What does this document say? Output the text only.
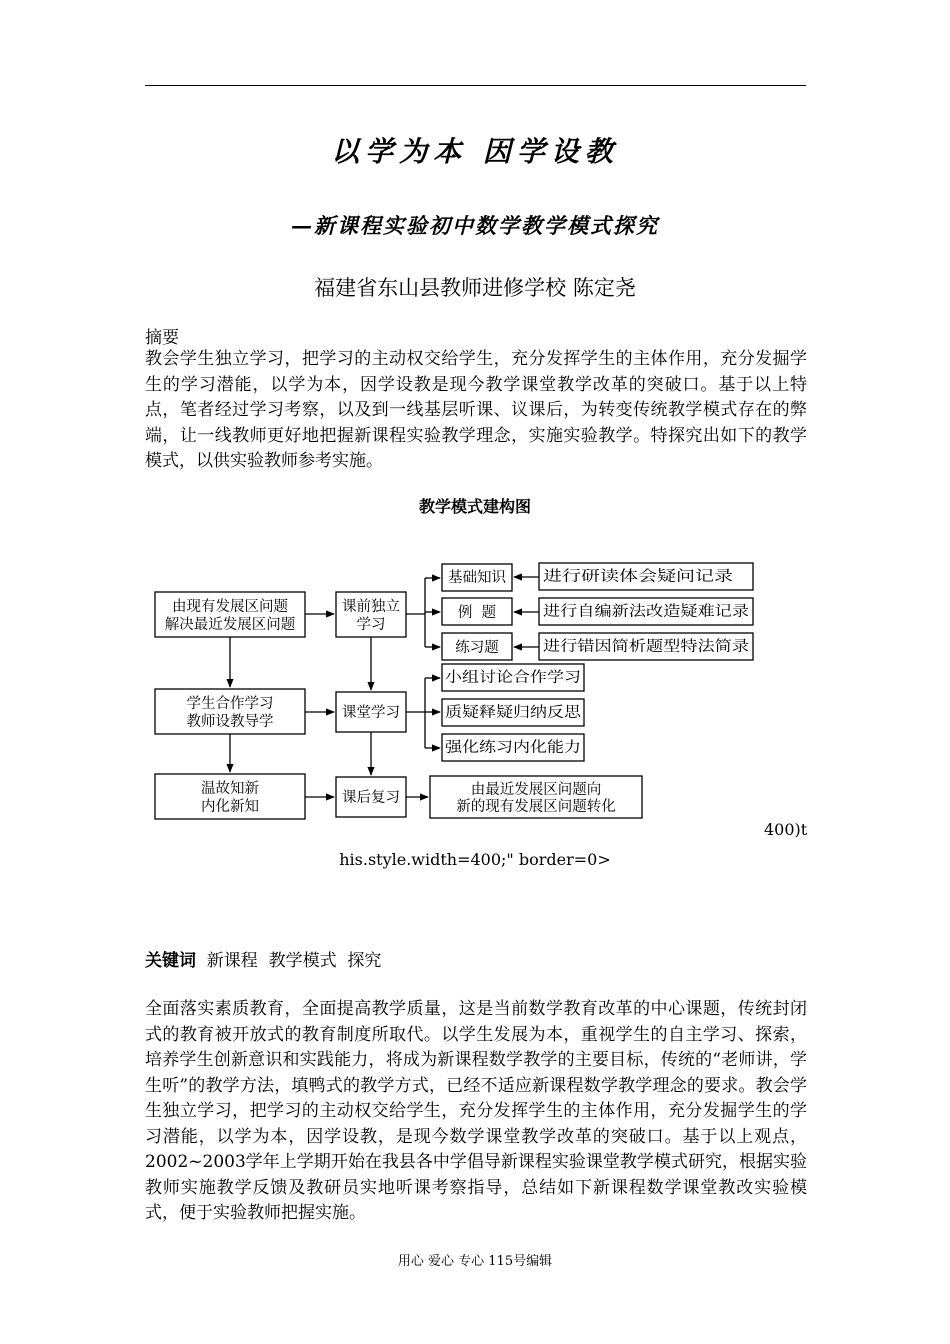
以学为本 因学设教
—新课程实验初中数学教学模式探究
福建省东山县教师进修学校 陈定尧
摘要
教会学生独立学习，把学习的主动权交给学生，充分发挥学生的主体作用，充分发掘学生的学习潜能，以学为本，因学设教是现今教学课堂教学改革的突破口。基于以上特点，笔者经过学习考察，以及到一线基层听课、议课后，为转变传统教学模式存在的弊端，让一线教师更好地把握新课程实验教学理念，实施实验教学。特探究出如下的教学模式，以供实验教师参考实施。
教学模式建构图
由现有发展区问题
解决最近发展区问题
学生合作学习
教师设教导学
温故知新
内化新知
课前独立
学习
课堂学习
课后复习
基础知识
例  题
练习题
进行研读体会疑问记录
进行自编新法改造疑难记录
进行错因简析题型特法简录
小组讨论合作学习
质疑释疑归纳反思
强化练习内化能力
由最近发展区问题向
新的现有发展区问题转化
400)t
his.style.width=400;" border=0>
关键词  新课程  教学模式  探究
全面落实素质教育，全面提高教学质量，这是当前数学教育改革的中心课题，传统封闭式的教育被开放式的教育制度所取代。以学生发展为本，重视学生的自主学习、探索，培养学生创新意识和实践能力，将成为新课程数学教学的主要目标，传统的“老师讲，学生听”的教学方法，填鸭式的教学方式，已经不适应新课程数学教学理念的要求。教会学生独立学习，把学习的主动权交给学生，充分发挥学生的主体作用，充分发掘学生的学习潜能，以学为本，因学设教，是现今数学课堂教学改革的突破口。基于以上观点，2002~2003学年上学期开始在我县各中学倡导新课程实验课堂教学模式研究，根据实验教师实施教学反馈及教研员实地听课考察指导，总结如下新课程数学课堂教改实验模式，便于实验教师把握实施。
用心 爱心 专心 115号编辑
